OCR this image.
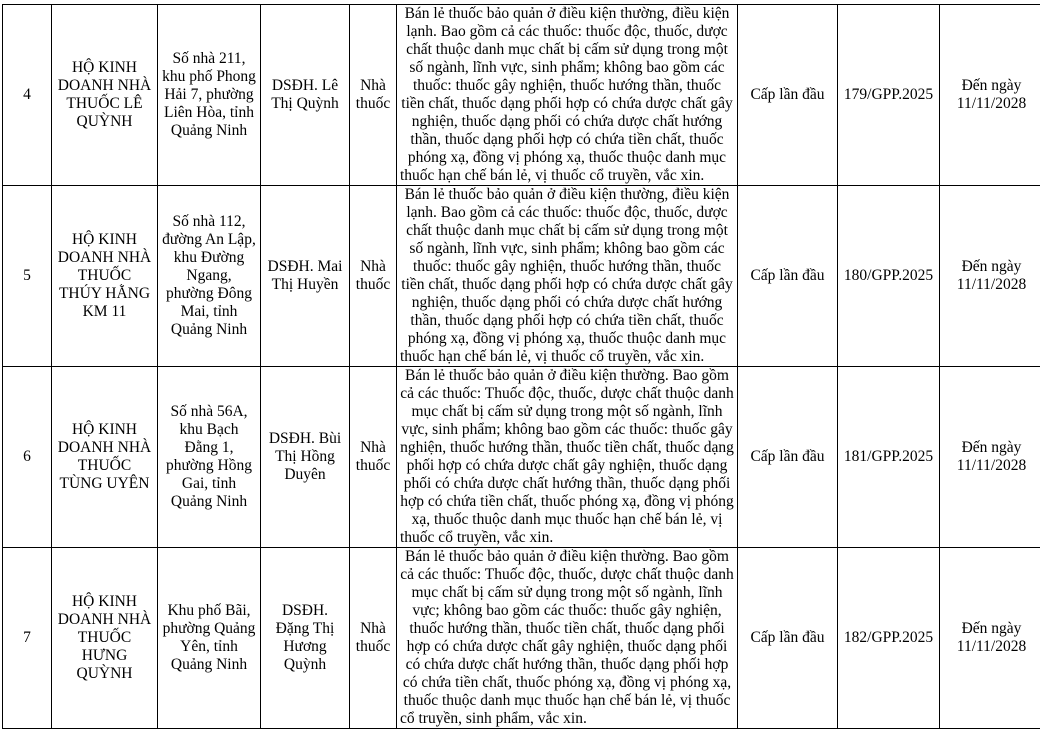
4	HỘ KINH DOANH NHÀ THUỐC LÊ QUỲNH	Số nhà 211, khu phố Phong Hải 7, phường Liên Hòa, tỉnh Quảng Ninh	DSĐH. Lê Thị Quỳnh	Nhà thuốc	Bán lẻ thuốc bảo quản ở điều kiện thường, điều kiện lạnh. Bao gồm cả các thuốc: thuốc độc, thuốc, dược chất thuộc danh mục chất bị cấm sử dụng trong một số ngành, lĩnh vực, sinh phẩm; không bao gồm các thuốc: thuốc gây nghiện, thuốc hướng thần, thuốc tiền chất, thuốc dạng phối hợp có chứa dược chất gây nghiện, thuốc dạng phối có chứa dược chất hướng thần, thuốc dạng phối hợp có chứa tiền chất, thuốc phóng xạ, đồng vị phóng xạ, thuốc thuộc danh mục thuốc hạn chế bán lẻ, vị thuốc cổ truyền, vắc xin.	Cấp lần đầu	179/GPP.2025	Đến ngày 11/11/2028
5	HỘ KINH DOANH NHÀ THUỐC THÚY HẰNG KM 11	Số nhà 112, đường An Lập, khu Đường Ngang, phường Đông Mai, tỉnh Quảng Ninh	DSĐH. Mai Thị Huyền	Nhà thuốc	Bán lẻ thuốc bảo quản ở điều kiện thường, điều kiện lạnh. Bao gồm cả các thuốc: thuốc độc, thuốc, dược chất thuộc danh mục chất bị cấm sử dụng trong một số ngành, lĩnh vực, sinh phẩm; không bao gồm các thuốc: thuốc gây nghiện, thuốc hướng thần, thuốc tiền chất, thuốc dạng phối hợp có chứa dược chất gây nghiện, thuốc dạng phối có chứa dược chất hướng thần, thuốc dạng phối hợp có chứa tiền chất, thuốc phóng xạ, đồng vị phóng xạ, thuốc thuộc danh mục thuốc hạn chế bán lẻ, vị thuốc cổ truyền, vắc xin.	Cấp lần đầu	180/GPP.2025	Đến ngày 11/11/2028
6	HỘ KINH DOANH NHÀ THUỐC TÙNG UYÊN	Số nhà 56A, khu Bạch Đằng 1, phường Hồng Gai, tỉnh Quảng Ninh	DSĐH. Bùi Thị Hồng Duyên	Nhà thuốc	Bán lẻ thuốc bảo quản ở điều kiện thường. Bao gồm cả các thuốc: Thuốc độc, thuốc, dược chất thuộc danh mục chất bị cấm sử dụng trong một số ngành, lĩnh vực, sinh phẩm; không bao gồm các thuốc: thuốc gây nghiện, thuốc hướng thần, thuốc tiền chất, thuốc dạng phối hợp có chứa dược chất gây nghiện, thuốc dạng phối có chứa dược chất hướng thần, thuốc dạng phối hợp có chứa tiền chất, thuốc phóng xạ, đồng vị phóng xạ, thuốc thuộc danh mục thuốc hạn chế bán lẻ, vị thuốc cổ truyền, vắc xin.	Cấp lần đầu	181/GPP.2025	Đến ngày 11/11/2028
7	HỘ KINH DOANH NHÀ THUỐC HƯNG QUỲNH	Khu phố Bãi, phường Quảng Yên, tỉnh Quảng Ninh	DSĐH. Đặng Thị Hương Quỳnh	Nhà thuốc	Bán lẻ thuốc bảo quản ở điều kiện thường. Bao gồm cả các thuốc: Thuốc độc, thuốc, dược chất thuộc danh mục chất bị cấm sử dụng trong một số ngành, lĩnh vực; không bao gồm các thuốc: thuốc gây nghiện, thuốc hướng thần, thuốc tiền chất, thuốc dạng phối hợp có chứa dược chất gây nghiện, thuốc dạng phối có chứa dược chất hướng thần, thuốc dạng phối hợp có chứa tiền chất, thuốc phóng xạ, đồng vị phóng xạ, thuốc thuộc danh mục thuốc hạn chế bán lẻ, vị thuốc cổ truyền, sinh phẩm, vắc xin.	Cấp lần đầu	182/GPP.2025	Đến ngày 11/11/2028
